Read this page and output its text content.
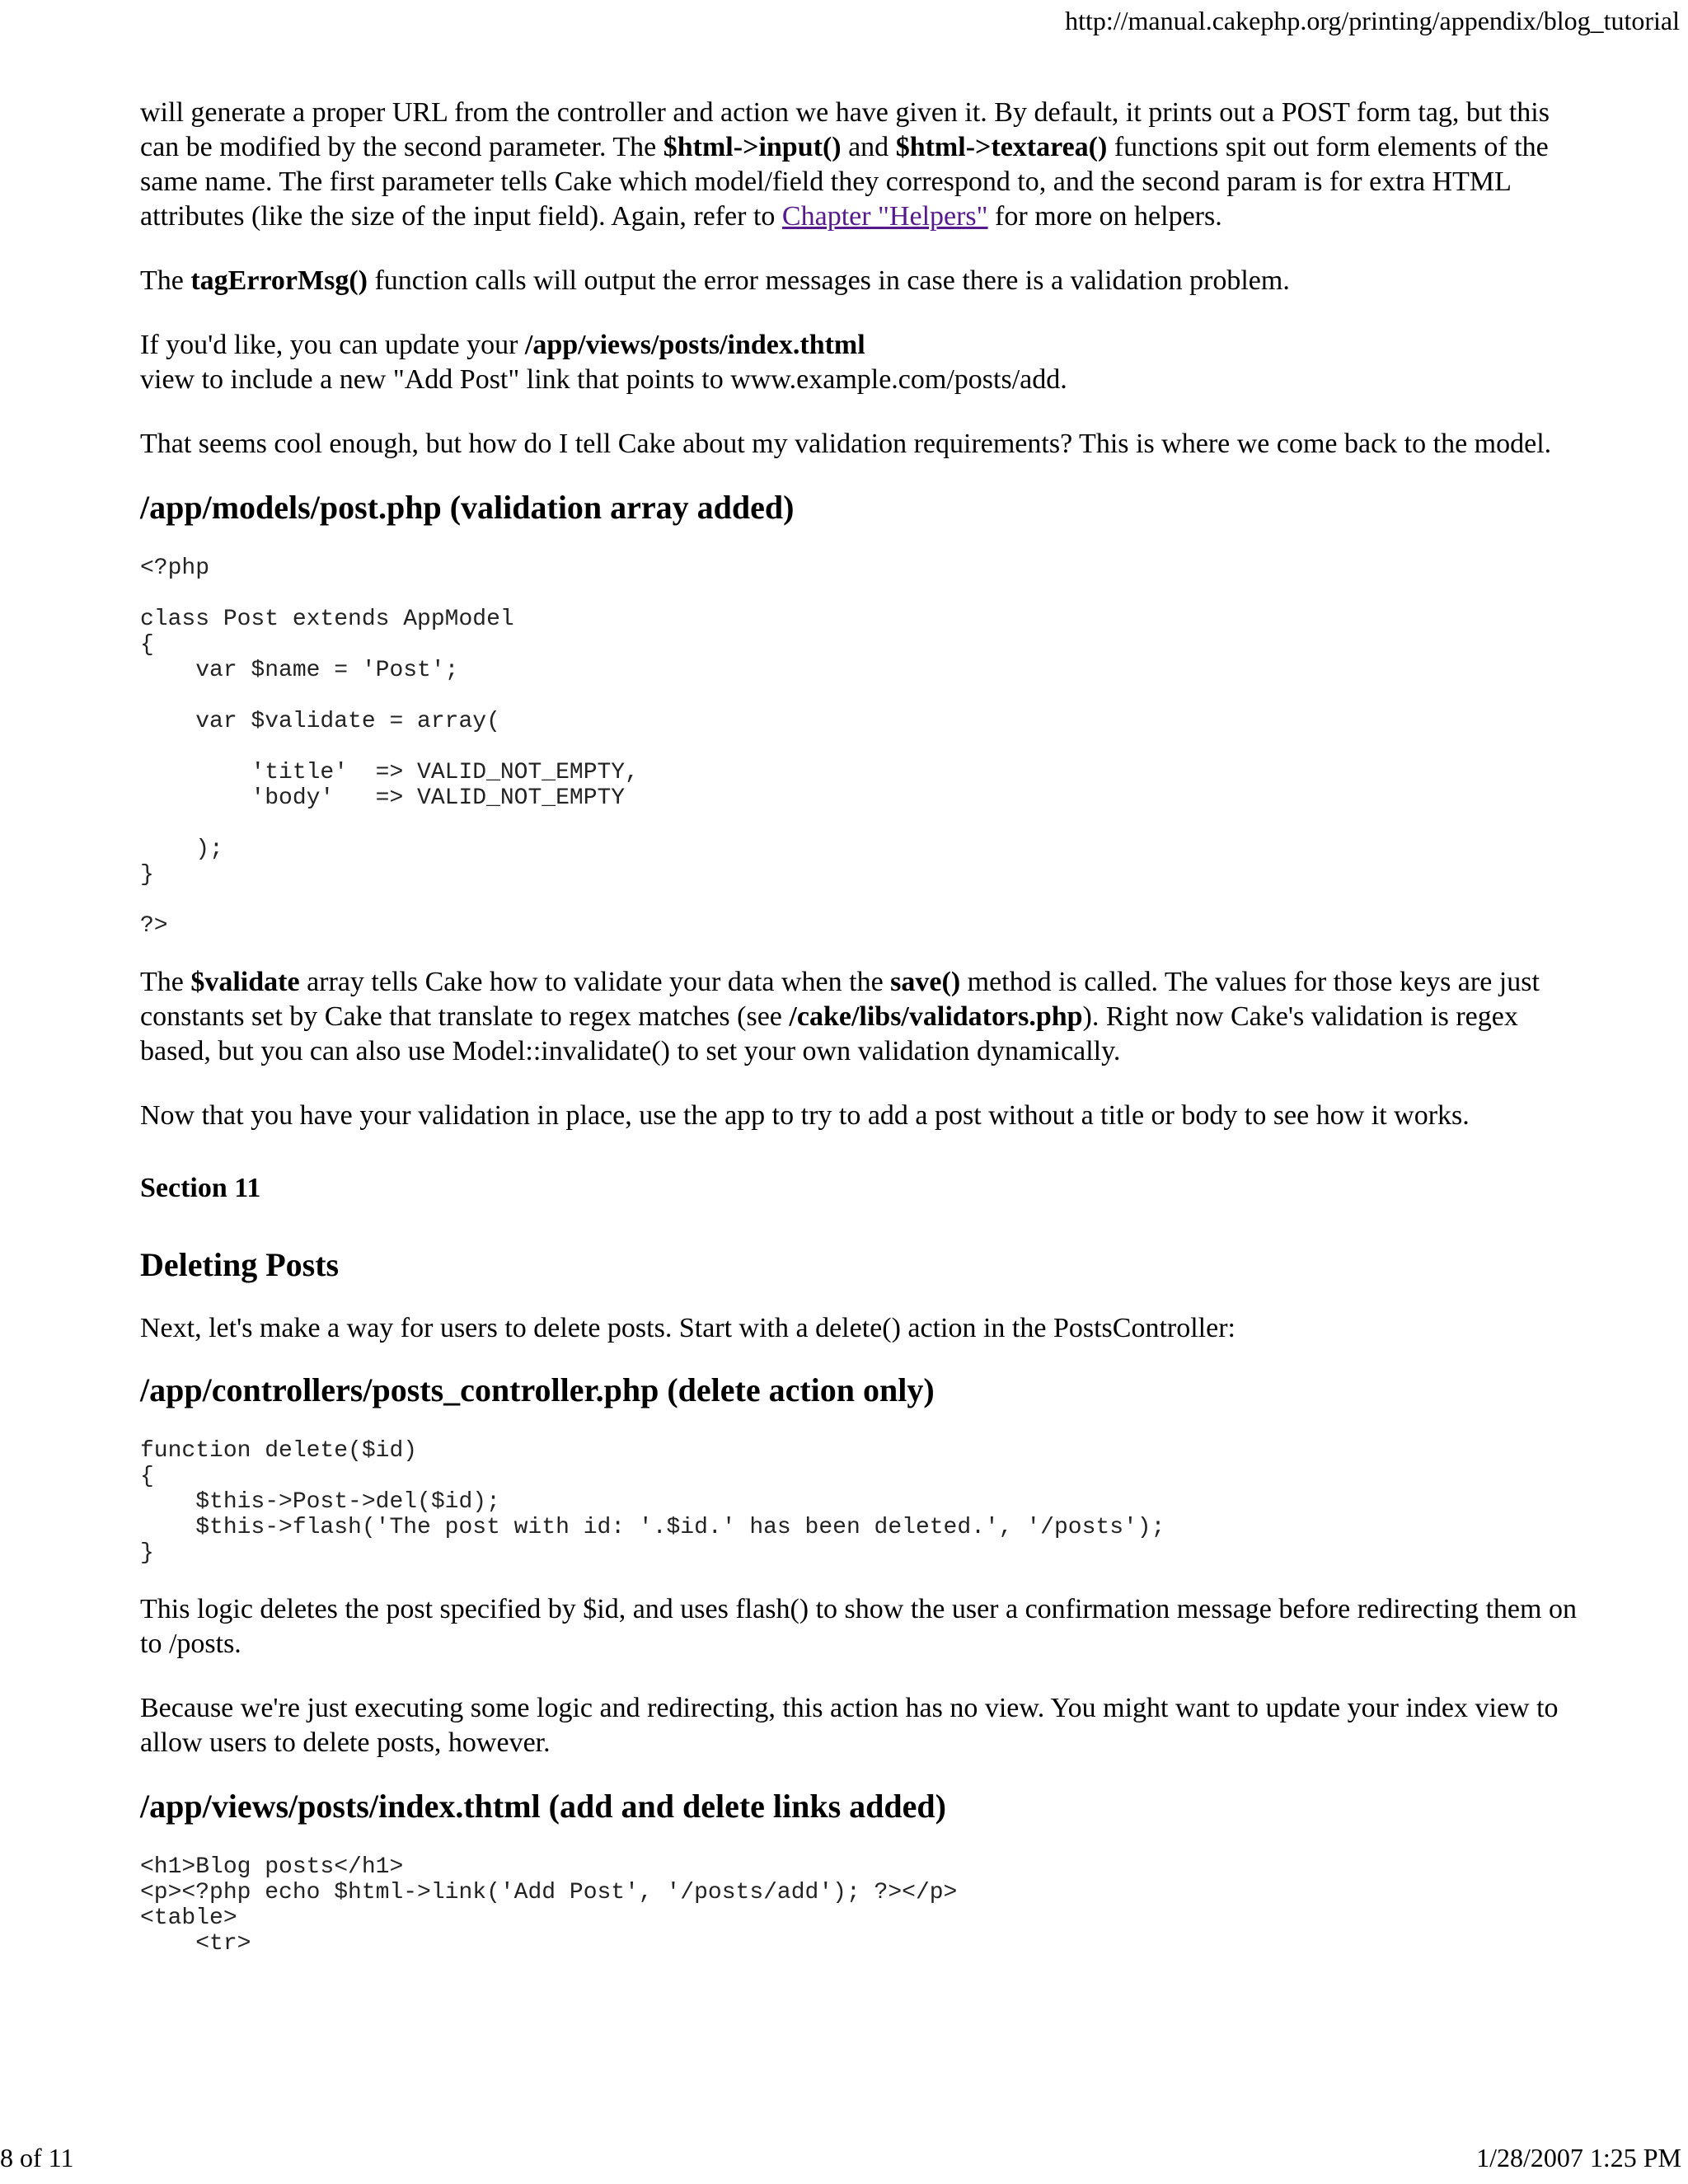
http://manual.cakephp.org/printing/appendix/blog_tutorial

will generate a proper URL from the controller and action we have given it. By default, it prints out a POST form tag, but this can be modified by the second parameter. The $html->input() and $html->textarea() functions spit out form elements of the same name. The first parameter tells Cake which model/field they correspond to, and the second param is for extra HTML attributes (like the size of the input field). Again, refer to Chapter "Helpers" for more on helpers.

The tagErrorMsg() function calls will output the error messages in case there is a validation problem.

If you'd like, you can update your /app/views/posts/index.thtml
view to include a new "Add Post" link that points to www.example.com/posts/add.

That seems cool enough, but how do I tell Cake about my validation requirements? This is where we come back to the model.

/app/models/post.php (validation array added)
<?php

class Post extends AppModel
{
var $name = 'Post';

var $validate = array(

'title'  => VALID_NOT_EMPTY,
'body'   => VALID_NOT_EMPTY

);
}

?>

The $validate array tells Cake how to validate your data when the save() method is called. The values for those keys are just constants set by Cake that translate to regex matches (see /cake/libs/validators.php). Right now Cake's validation is regex based, but you can also use Model::invalidate() to set your own validation dynamically.

Now that you have your validation in place, use the app to try to add a post without a title or body to see how it works.

Section 11
Deleting Posts

Next, let's make a way for users to delete posts. Start with a delete() action in the PostsController:

/app/controllers/posts_controller.php (delete action only)
function delete($id)
{
$this->Post->del($id);
$this->flash('The post with id: '.$id.' has been deleted.', '/posts');
}

This logic deletes the post specified by $id, and uses flash() to show the user a confirmation message before redirecting them on to /posts.

Because we're just executing some logic and redirecting, this action has no view. You might want to update your index view to allow users to delete posts, however.

/app/views/posts/index.thtml (add and delete links added)
<h1>Blog posts</h1>
<p><?php echo $html->link('Add Post', '/posts/add'); ?></p>
<table>
<tr>
8 of 11	1/28/2007 1:25 PM
